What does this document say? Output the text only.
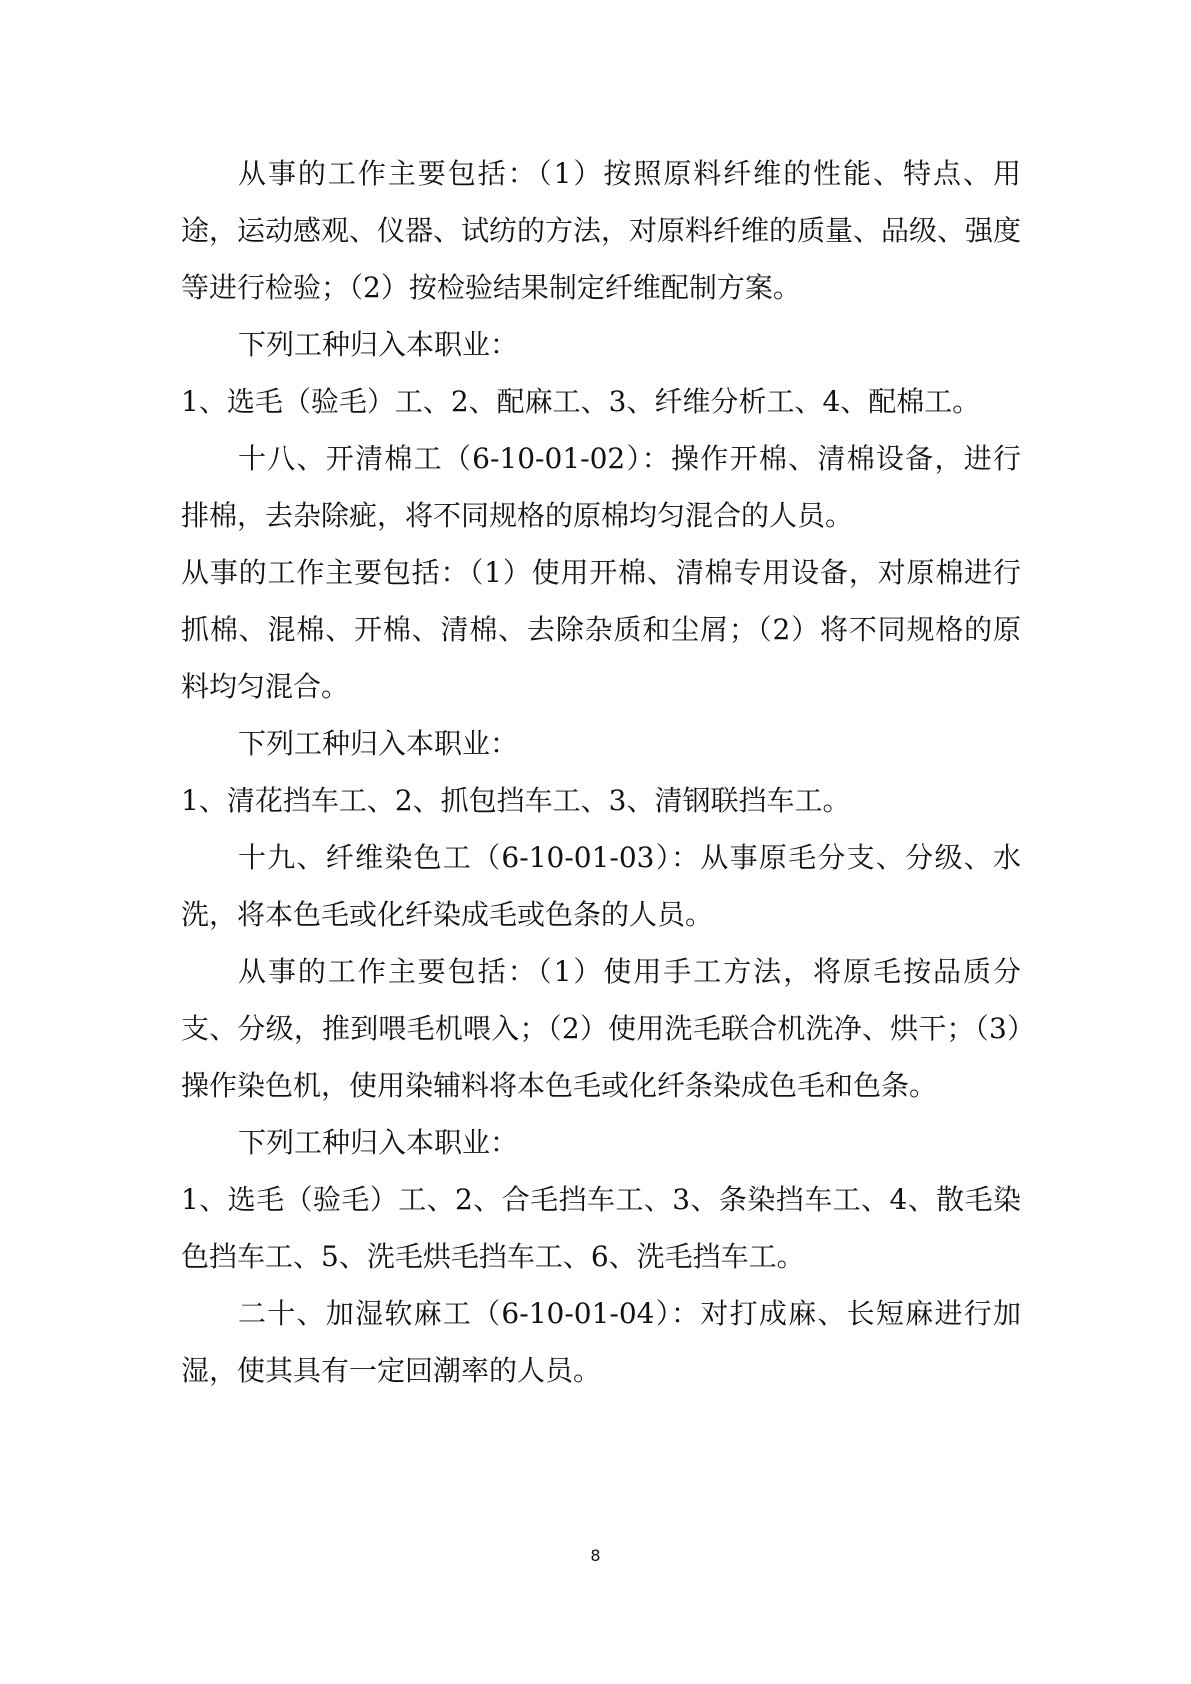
从事的工作主要包括：（1）按照原料纤维的性能、特点、用途，运动感观、仪器、试纺的方法，对原料纤维的质量、品级、强度等进行检验；（2）按检验结果制定纤维配制方案。

下列工种归入本职业：

1、选毛（验毛）工、2、配麻工、3、纤维分析工、4、配棉工。

十八、开清棉工（6-10-01-02）：操作开棉、清棉设备，进行排棉，去杂除疵，将不同规格的原棉均匀混合的人员。

从事的工作主要包括：（1）使用开棉、清棉专用设备，对原棉进行抓棉、混棉、开棉、清棉、去除杂质和尘屑；（2）将不同规格的原料均匀混合。

下列工种归入本职业：

1、清花挡车工、2、抓包挡车工、3、清钢联挡车工。

十九、纤维染色工（6-10-01-03）：从事原毛分支、分级、水洗，将本色毛或化纤染成毛或色条的人员。

从事的工作主要包括：（1）使用手工方法，将原毛按品质分支、分级，推到喂毛机喂入；（2）使用洗毛联合机洗净、烘干；（3）操作染色机，使用染辅料将本色毛或化纤条染成色毛和色条。

下列工种归入本职业：

1、选毛（验毛）工、2、合毛挡车工、3、条染挡车工、4、散毛染色挡车工、5、洗毛烘毛挡车工、6、洗毛挡车工。

二十、加湿软麻工（6-10-01-04）：对打成麻、长短麻进行加湿，使其具有一定回潮率的人员。

8
